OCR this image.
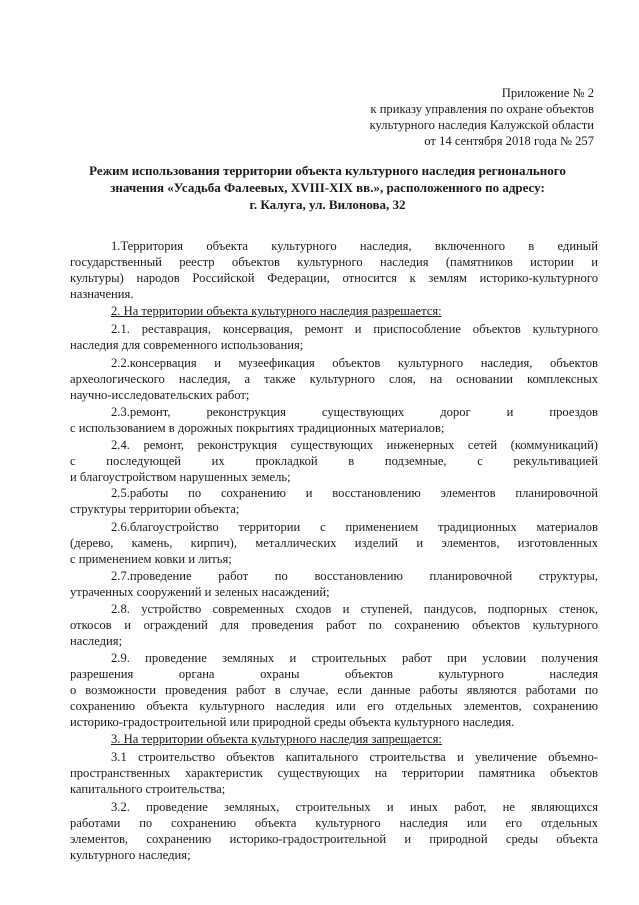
Приложение № 2

к приказу управления по охране объектов

культурного наследия Калужской области

от 14 сентября 2018 года № 257

Режим использования территории объекта культурного наследия регионального

значения «Усадьба Фалеевых, XVIII-XIX вв.», расположенного по адресу:

г. Калуга, ул. Вилонова, 32

1.Территория объекта культурного наследия, включенного в единый

государственный реестр объектов культурного наследия (памятников истории и

культуры) народов Российской Федерации, относится к землям историко-культурного

назначения.

2. На территории объекта культурного наследия разрешается:

2.1. реставрация, консервация, ремонт и приспособление объектов культурного

наследия для современного использования;

2.2.консервация и музеефикация объектов культурного наследия, объектов

археологического наследия, а также культурного слоя, на основании комплексных

научно-исследовательских работ;

2.3.ремонт, реконструкция существующих дорог и проездов

с использованием в дорожных покрытиях традиционных материалов;

2.4. ремонт, реконструкция существующих инженерных сетей (коммуникаций)

с последующей их прокладкой в подземные, с рекультивацией

и благоустройством нарушенных земель;

2.5.работы по сохранению и восстановлению элементов планировочной

структуры территории объекта;

2.6.благоустройство территории с применением традиционных материалов

(дерево, камень, кирпич), металлических изделий и элементов, изготовленных

с применением ковки и литья;

2.7.проведение работ по восстановлению планировочной структуры,

утраченных сооружений и зеленых насаждений;

2.8. устройство современных сходов и ступеней, пандусов, подпорных стенок,

откосов и ограждений для проведения работ по сохранению объектов культурного

наследия;

2.9. проведение земляных и строительных работ при условии получения

разрешения органа охраны объектов культурного наследия

о возможности проведения работ в случае, если данные работы являются работами по

сохранению объекта культурного наследия или его отдельных элементов, сохранению

историко-градостроительной или природной среды объекта культурного наследия.

3. На территории объекта культурного наследия запрещается:

3.1 строительство объектов капитального строительства и увеличение объемно-

пространственных характеристик существующих на территории памятника объектов

капитального строительства;

3.2. проведение земляных, строительных и иных работ, не являющихся

работами по сохранению объекта культурного наследия или его отдельных

элементов, сохранению историко-градостроительной и природной среды объекта

культурного наследия;
